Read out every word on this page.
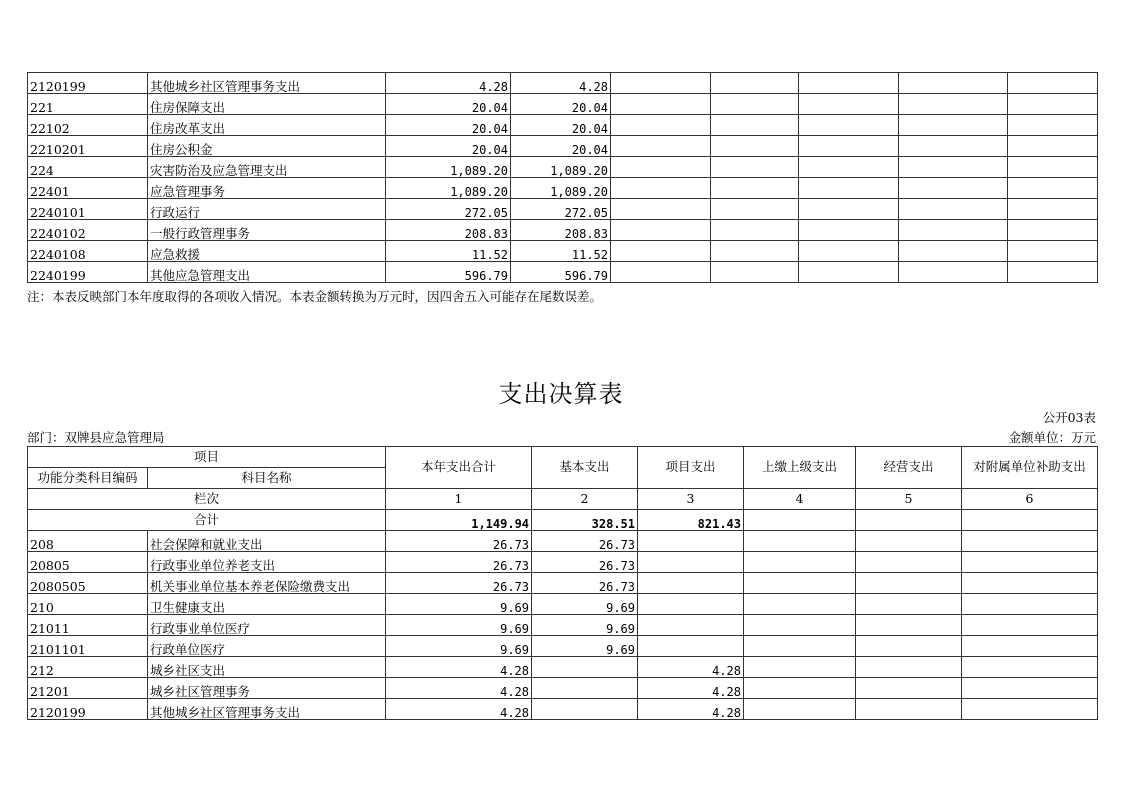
2120199	其他城乡社区管理事务支出	4.28	4.28					
221	住房保障支出	20.04	20.04					
22102	住房改革支出	20.04	20.04					
2210201	住房公积金	20.04	20.04					
224	灾害防治及应急管理支出	1,089.20	1,089.20					
22401	应急管理事务	1,089.20	1,089.20					
2240101	行政运行	272.05	272.05					
2240102	一般行政管理事务	208.83	208.83					
2240108	应急救援	11.52	11.52					
2240199	其他应急管理支出	596.79	596.79					
注：本表反映部门本年度取得的各项收入情况。本表金额转换为万元时，因四舍五入可能存在尾数误差。
支出决算表
公开03表
部门：双牌县应急管理局	金额单位：万元
项目		本年支出合计	基本支出	项目支出	上缴上级支出	经营支出	对附属单位补助支出
功能分类科目编码	科目名称						
栏次		1	2	3	4	5	6
合计		1,149.94	328.51	821.43			
208	社会保障和就业支出	26.73	26.73				
20805	行政事业单位养老支出	26.73	26.73				
2080505	机关事业单位基本养老保险缴费支出	26.73	26.73				
210	卫生健康支出	9.69	9.69				
21011	行政事业单位医疗	9.69	9.69				
2101101	行政单位医疗	9.69	9.69				
212	城乡社区支出	4.28		4.28			
21201	城乡社区管理事务	4.28		4.28			
2120199	其他城乡社区管理事务支出	4.28		4.28			
